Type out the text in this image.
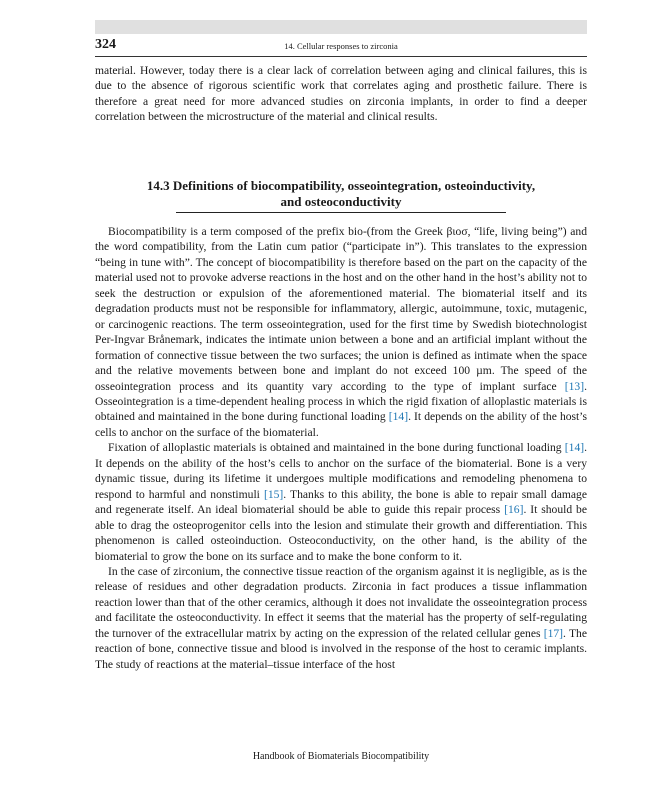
324	14. Cellular responses to zirconia
material. However, today there is a clear lack of correlation between aging and clinical failures, this is due to the absence of rigorous scientific work that correlates aging and prosthetic failure. There is therefore a great need for more advanced studies on zirconia implants, in order to find a deeper correlation between the microstructure of the material and clinical results.
14.3 Definitions of biocompatibility, osseointegration, osteoinductivity,
and osteoconductivity

Biocompatibility is a term composed of the prefix bio-(from the Greek βιοσ, “life, living being”) and the word compatibility, from the Latin cum patior (“participate in”). This translates to the expression “being in tune with”. The concept of biocompatibility is therefore based on the part on the capacity of the material used not to provoke adverse reactions in the host and on the other hand in the host’s ability not to seek the destruction or expulsion of the aforementioned material. The biomaterial itself and its degradation products must not be responsible for inflammatory, allergic, autoimmune, toxic, mutagenic, or carcinogenic reactions. The term osseointegration, used for the first time by Swedish biotechnologist Per-Ingvar Brånemark, indicates the intimate union between a bone and an artificial implant without the formation of connective tissue between the two surfaces; the union is defined as intimate when the space and the relative movements between bone and implant do not exceed 100 µm. The speed of the osseointegration process and its quantity vary according to the type of implant surface [13]. Osseointegration is a time-dependent healing process in which the rigid fixation of alloplastic materials is obtained and maintained in the bone during functional loading [14]. It depends on the ability of the host’s cells to anchor on the surface of the biomaterial.

Fixation of alloplastic materials is obtained and maintained in the bone during functional loading [14]. It depends on the ability of the host’s cells to anchor on the surface of the biomaterial. Bone is a very dynamic tissue, during its lifetime it undergoes multiple modifications and remodeling phenomena to respond to harmful and nonstimuli [15]. Thanks to this ability, the bone is able to repair small damage and regenerate itself. An ideal biomaterial should be able to guide this repair process [16]. It should be able to drag the osteoprogenitor cells into the lesion and stimulate their growth and differentiation. This phenomenon is called osteoinduction. Osteoconductivity, on the other hand, is the ability of the biomaterial to grow the bone on its surface and to make the bone conform to it.

In the case of zirconium, the connective tissue reaction of the organism against it is negligible, as is the release of residues and other degradation products. Zirconia in fact produces a tissue inflammation reaction lower than that of the other ceramics, although it does not invalidate the osseointegration process and facilitate the osteoconductivity. In effect it seems that the material has the property of self-regulating the turnover of the extracellular matrix by acting on the expression of the related cellular genes [17]. The reaction of bone, connective tissue and blood is involved in the response of the host to ceramic implants. The study of reactions at the material–tissue interface of the host

Handbook of Biomaterials Biocompatibility
